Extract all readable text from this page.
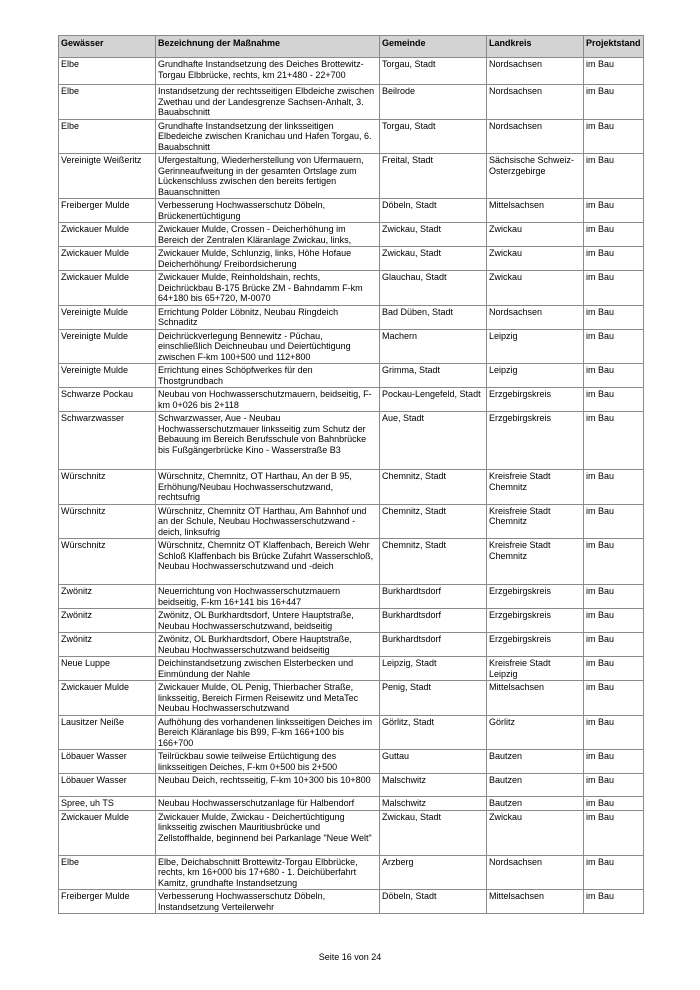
Gewässer	Bezeichnung der Maßnahme	Gemeinde	Landkreis	Projektstand
Elbe	Grundhafte Instandsetzung des Deiches Brottewitz-Torgau Elbbrücke, rechts, km 21+480 - 22+700	Torgau, Stadt	Nordsachsen	im Bau
Elbe	Instandsetzung der rechtsseitigen Elbdeiche zwischen Zwethau und der Landesgrenze Sachsen-Anhalt, 3. Bauabschnitt	Beilrode	Nordsachsen	im Bau
Elbe	Grundhafte Instandsetzung der linksseitigen Elbedeiche zwischen Kranichau und Hafen Torgau, 6. Bauabschnitt	Torgau, Stadt	Nordsachsen	im Bau
Vereinigte Weißeritz	Ufergestaltung, Wiederherstellung von Ufermauern, Gerinneaufweitung in der gesamten Ortslage zum Lückenschluss zwischen den bereits fertigen Bauanschnitten	Freital, Stadt	Sächsische Schweiz-Osterzgebirge	im Bau
Freiberger Mulde	Verbesserung Hochwasserschutz Döbeln, Brückenertüchtigung	Döbeln, Stadt	Mittelsachsen	im Bau
Zwickauer Mulde	Zwickauer Mulde, Crossen - Deicherhöhung im Bereich der Zentralen Kläranlage Zwickau, links,	Zwickau, Stadt	Zwickau	im Bau
Zwickauer Mulde	Zwickauer Mulde, Schlunzig, links, Höhe Hofaue Deicherhöhung/ Freibordsicherung	Zwickau, Stadt	Zwickau	im Bau
Zwickauer Mulde	Zwickauer Mulde, Reinholdshain, rechts, Deichrückbau B-175 Brücke ZM - Bahndamm F-km 64+180 bis 65+720, M-0070	Glauchau, Stadt	Zwickau	im Bau
Vereinigte Mulde	Errichtung Polder Löbnitz, Neubau Ringdeich Schnaditz	Bad Düben, Stadt	Nordsachsen	im Bau
Vereinigte Mulde	Deichrückverlegung Bennewitz - Püchau, einschließlich Deichneubau und Deiertüchtigung zwischen F-km 100+500 und 112+800	Machern	Leipzig	im Bau
Vereinigte Mulde	Errichtung eines Schöpfwerkes für den Thostgrundbach	Grimma, Stadt	Leipzig	im Bau
Schwarze Pockau	Neubau von Hochwasserschutzmauern, beidseitig, F-km 0+026 bis 2+118	Pockau-Lengefeld, Stadt	Erzgebirgskreis	im Bau
Schwarzwasser	Schwarzwasser, Aue - Neubau Hochwasserschutzmauer linksseitig zum Schutz der Bebauung im Bereich Berufsschule von Bahnbrücke bis Fußgängerbrücke Kino - Wasserstraße B3	Aue, Stadt	Erzgebirgskreis	im Bau
Würschnitz	Würschnitz, Chemnitz, OT Harthau, An der B 95, Erhöhung/Neubau Hochwasserschutzwand, rechtsufrig	Chemnitz, Stadt	Kreisfreie Stadt Chemnitz	im Bau
Würschnitz	Würschnitz, Chemnitz OT Harthau, Am Bahnhof und an der Schule, Neubau Hochwasserschutzwand - deich, linksufrig	Chemnitz, Stadt	Kreisfreie Stadt Chemnitz	im Bau
Würschnitz	Würschnitz, Chemnitz OT Klaffenbach, Bereich Wehr Schloß Klaffenbach bis Brücke Zufahrt Wasserschloß, Neubau Hochwasserschutzwand und -deich	Chemnitz, Stadt	Kreisfreie Stadt Chemnitz	im Bau
Zwönitz	Neuerrichtung von Hochwasserschutzmauern beidseitig, F-km 16+141 bis 16+447	Burkhardtsdorf	Erzgebirgskreis	im Bau
Zwönitz	Zwönitz, OL Burkhardtsdorf, Untere Hauptstraße, Neubau Hochwasserschutzwand, beidseitig	Burkhardtsdorf	Erzgebirgskreis	im Bau
Zwönitz	Zwönitz, OL Burkhardtsdorf, Obere Hauptstraße, Neubau Hochwasserschutzwand beidseitig	Burkhardtsdorf	Erzgebirgskreis	im Bau
Neue Luppe	Deichinstandsetzung zwischen Elsterbecken und Einmündung der Nahle	Leipzig, Stadt	Kreisfreie Stadt Leipzig	im Bau
Zwickauer Mulde	Zwickauer Mulde, OL Penig, Thierbacher Straße, linksseitig, Bereich Firmen Reisewitz und MetaTec Neubau Hochwasserschutzwand	Penig, Stadt	Mittelsachsen	im Bau
Lausitzer Neiße	Aufhöhung des vorhandenen linksseitigen Deiches im Bereich Kläranlage bis B99, F-km 166+100 bis 166+700	Görlitz, Stadt	Görlitz	im Bau
Löbauer Wasser	Teilrückbau sowie teilweise Ertüchtigung des linksseitigen Deiches, F-km 0+500 bis 2+500	Guttau	Bautzen	im Bau
Löbauer Wasser	Neubau Deich, rechtsseitig, F-km 10+300 bis 10+800	Malschwitz	Bautzen	im Bau
Spree, uh TS	Neubau Hochwasserschutzanlage für Halbendorf	Malschwitz	Bautzen	im Bau
Zwickauer Mulde	Zwickauer Mulde, Zwickau - Deichertüchtigung linksseitig zwischen Mauritiusbrücke und Zellstoffhalde, beginnend bei Parkanlage "Neue Welt"	Zwickau, Stadt	Zwickau	im Bau
Elbe	Elbe, Deichabschnitt Brottewitz-Torgau Elbbrücke, rechts, km 16+000 bis 17+680 - 1. Deichüberfahrt Kamitz, grundhafte Instandsetzung	Arzberg	Nordsachsen	im Bau
Freiberger Mulde	Verbesserung Hochwasserschutz Döbeln, Instandsetzung Verteilerwehr	Döbeln, Stadt	Mittelsachsen	im Bau
Seite 16 von 24
